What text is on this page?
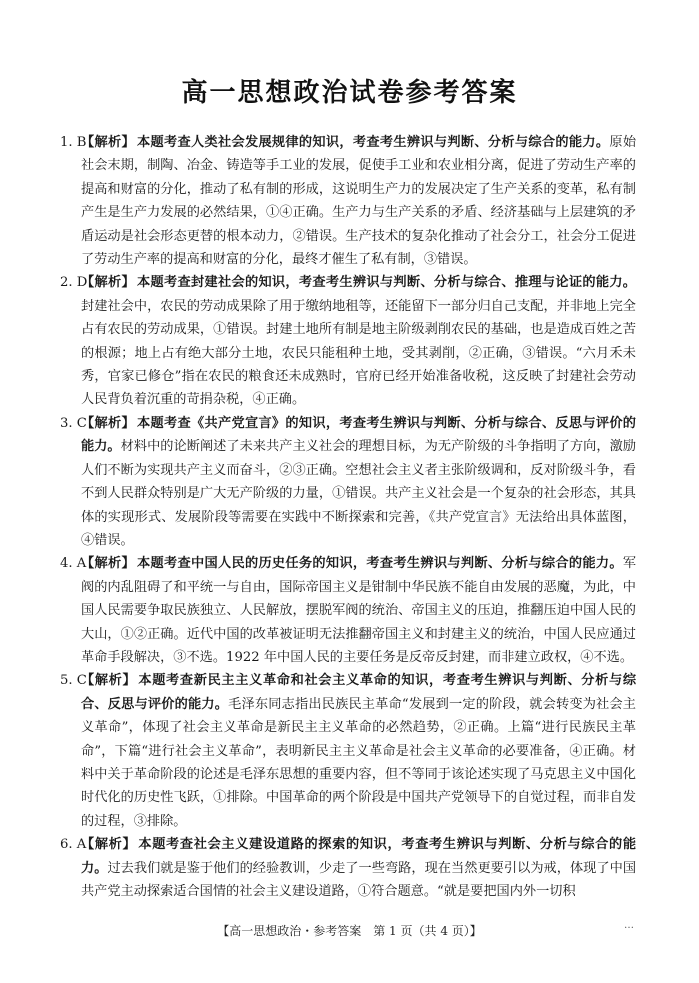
高一思想政治试卷参考答案

1. B
【解析】 本题考查人类社会发展规律的知识，考查考生辨识与判断、分析与综合的能力。原始社会末期，制陶、冶金、铸造等手工业的发展，促使手工业和农业相分离，促进了劳动生产率的提高和财富的分化，推动了私有制的形成，这说明生产力的发展决定了生产关系的变革，私有制产生是生产力发展的必然结果，①④正确。生产力与生产关系的矛盾、经济基础与上层建筑的矛盾运动是社会形态更替的根本动力，②错误。生产技术的复杂化推动了社会分工，社会分工促进了劳动生产率的提高和财富的分化，最终才催生了私有制，③错误。

2. D
【解析】 本题考查封建社会的知识，考查考生辨识与判断、分析与综合、推理与论证的能力。封建社会中，农民的劳动成果除了用于缴纳地租等，还能留下一部分归自己支配，并非地上完全占有农民的劳动成果，①错误。封建土地所有制是地主阶级剥削农民的基础，也是造成百姓之苦的根源；地上占有绝大部分土地，农民只能租种土地，受其剥削，②正确，③错误。“六月禾未秀，官家已修仓”指在农民的粮食还未成熟时，官府已经开始准备收税，这反映了封建社会劳动人民背负着沉重的苛捐杂税，④正确。

3. C
【解析】 本题考查《共产党宣言》的知识，考查考生辨识与判断、分析与综合、反思与评价的能力。材料中的论断阐述了未来共产主义社会的理想目标，为无产阶级的斗争指明了方向，激励人们不断为实现共产主义而奋斗，②③正确。空想社会主义者主张阶级调和，反对阶级斗争，看不到人民群众特别是广大无产阶级的力量，①错误。共产主义社会是一个复杂的社会形态，其具体的实现形式、发展阶段等需要在实践中不断探索和完善，《共产党宣言》无法给出具体蓝图，④错误。

4. A
【解析】 本题考查中国人民的历史任务的知识，考查考生辨识与判断、分析与综合的能力。军阀的内乱阻碍了和平统一与自由，国际帝国主义是钳制中华民族不能自由发展的恶魔，为此，中国人民需要争取民族独立、人民解放，摆脱军阀的统治、帝国主义的压迫，推翻压迫中国人民的大山，①②正确。近代中国的改革被证明无法推翻帝国主义和封建主义的统治，中国人民应通过革命手段解决，③不选。1922 年中国人民的主要任务是反帝反封建，而非建立政权，④不选。

5. C
【解析】 本题考查新民主主义革命和社会主义革命的知识，考查考生辨识与判断、分析与综合、反思与评价的能力。毛泽东同志指出民族民主革命“发展到一定的阶段，就会转变为社会主义革命”，体现了社会主义革命是新民主主义革命的必然趋势，②正确。上篇“进行民族民主革命”，下篇“进行社会主义革命”，表明新民主主义革命是社会主义革命的必要准备，④正确。材料中关于革命阶段的论述是毛泽东思想的重要内容，但不等同于该论述实现了马克思主义中国化时代化的历史性飞跃，①排除。中国革命的两个阶段是中国共产党领导下的自觉过程，而非自发的过程，③排除。

6. A
【解析】 本题考查社会主义建设道路的探索的知识，考查考生辨识与判断、分析与综合的能力。过去我们就是鉴于他们的经验教训，少走了一些弯路，现在当然更要引以为戒，体现了中国共产党主动探索适合国情的社会主义建设道路，①符合题意。“就是要把国内外一切积

【高一思想政治・参考答案　第 1 页（共 4 页）】	…
